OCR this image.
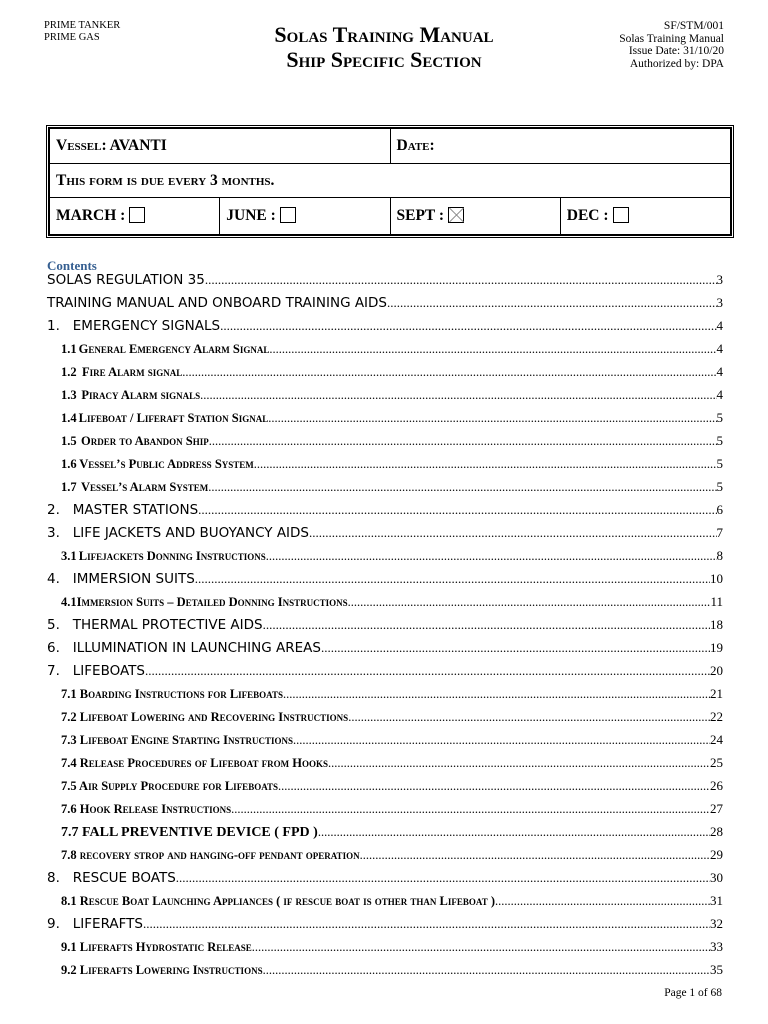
PRIME TANKER
PRIME GAS	Solas Training Manual
Ship Specific Section
SF/STM/001
Solas Training Manual
Issue Date: 31/10/20
Authorized by: DPA
Vessel: AVANTI		Date:	
This form is due every 3 months.			
MARCH :	JUNE :	SEPT :	DEC :
Contents
SOLAS REGULATION 35 .....	3
TRAINING MANUAL AND ONBOARD TRAINING AIDS .....	3
1. EMERGENCY SIGNALS .....	4
1.1 General Emergency Alarm Signal .....	4
1.2 Fire Alarm signal .....	4
1.3 Piracy Alarm signals .....	4
1.4 Lifeboat / Liferaft Station Signal .....	5
1.5 Order to Abandon Ship .....	5
1.6 Vessel’s Public Address System .....	5
1.7 Vessel’s Alarm System .....	5
2. MASTER STATIONS .....	6
3. LIFE JACKETS AND BUOYANCY AIDS .....	7
3.1 Lifejackets Donning Instructions .....	8
4. IMMERSION SUITS .....	10
4.1 Immersion Suits – Detailed Donning Instructions .....	11
5. THERMAL PROTECTIVE AIDS .....	18
6. ILLUMINATION IN LAUNCHING AREAS .....	19
7. LIFEBOATS .....	20
7.1 Boarding Instructions for Lifeboats .....	21
7.2 Lifeboat Lowering and Recovering Instructions .....	22
7.3 Lifeboat Engine Starting Instructions .....	24
7.4 Release Procedures of Lifeboat from Hooks .....	25
7.5 Air Supply Procedure for Lifeboats .....	26
7.6 Hook Release Instructions .....	27
7.7 FALL PREVENTIVE DEVICE ( FPD ) .....	28
7.8 recovery strop and hanging-off pendant operation .....	29
8. RESCUE BOATS .....	30
8.1 Rescue Boat Launching Appliances ( if rescue boat is other than Lifeboat ) .....	31
9. LIFERAFTS .....	32
9.1 Liferafts Hydrostatic Release .....	33
9.2 Liferafts Lowering Instructions .....	35
Page 1 of 68
